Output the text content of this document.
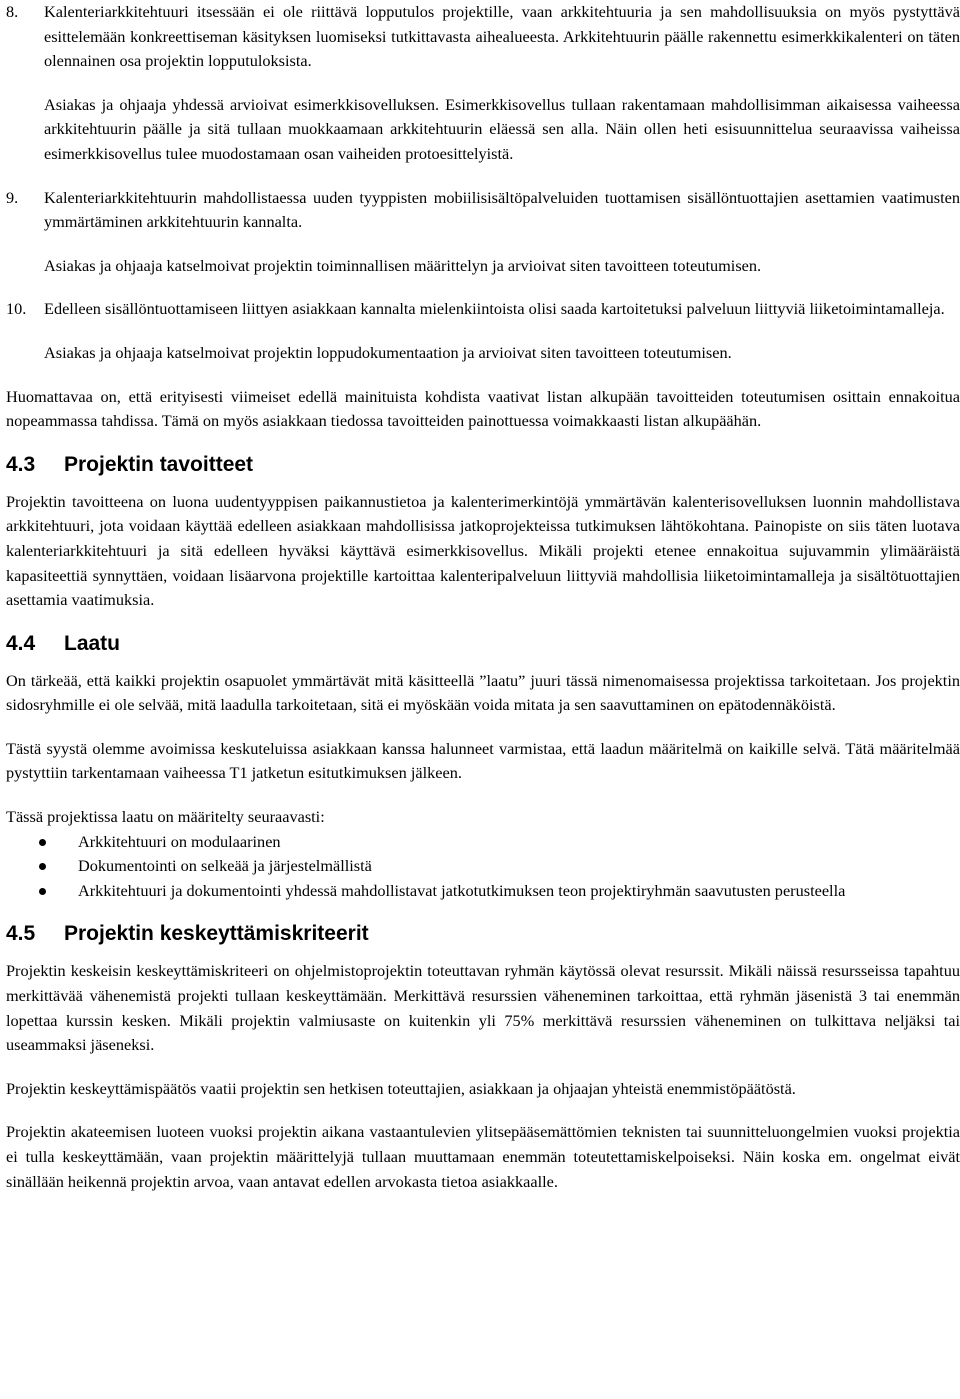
8. Kalenteriarkkitehtuuri itsessään ei ole riittävä lopputulos projektille, vaan arkkitehtuuria ja sen mahdollisuuksia on myös pystyttävä esittelemään konkreettiseman käsityksen luomiseksi tutkittavasta aihealueesta. Arkkitehtuurin päälle rakennettu esimerkkikalenteri on täten olennainen osa projektin lopputuloksista.

Asiakas ja ohjaaja yhdessä arvioivat esimerkkisovelluksen. Esimerkkisovellus tullaan rakentamaan mahdollisimman aikaisessa vaiheessa arkkitehtuurin päälle ja sitä tullaan muokkaamaan arkkitehtuurin eläessä sen alla. Näin ollen heti esisuunnittelua seuraavissa vaiheissa esimerkkisovellus tulee muodostamaan osan vaiheiden protoesittelyistä.

9. Kalenteriarkkitehtuurin mahdollistaessa uuden tyyppisten mobiilisisältöpalveluiden tuottamisen sisällöntuottajien asettamien vaatimusten ymmärtäminen arkkitehtuurin kannalta.

Asiakas ja ohjaaja katselmoivat projektin toiminnallisen määrittelyn ja arvioivat siten tavoitteen toteutumisen.

10. Edelleen sisällöntuottamiseen liittyen asiakkaan kannalta mielenkiintoista olisi saada kartoitetuksi palveluun liittyviä liiketoimintamalleja.

Asiakas ja ohjaaja katselmoivat projektin loppudokumentaation ja arvioivat siten tavoitteen toteutumisen.

Huomattavaa on, että erityisesti viimeiset edellä mainituista kohdista vaativat listan alkupään tavoitteiden toteutumisen osittain ennakoitua nopeammassa tahdissa. Tämä on myös asiakkaan tiedossa tavoitteiden painottuessa voimakkaasti listan alkupäähän.

4.3	Projektin tavoitteet

Projektin tavoitteena on luona uudentyyppisen paikannustietoa ja kalenterimerkintöjä ymmärtävän kalenterisovelluksen luonnin mahdollistava arkkitehtuuri, jota voidaan käyttää edelleen asiakkaan mahdollisissa jatkoprojekteissa tutkimuksen lähtökohtana. Painopiste on siis täten luotava kalenteriarkkitehtuuri ja sitä edelleen hyväksi käyttävä esimerkkisovellus. Mikäli projekti etenee ennakoitua sujuvammin ylimääräistä kapasiteettiä synnyttäen, voidaan lisäarvona projektille kartoittaa kalenteripalveluun liittyviä mahdollisia liiketoimintamalleja ja sisältötuottajien asettamia vaatimuksia.

4.4	Laatu

On tärkeää, että kaikki projektin osapuolet ymmärtävät mitä käsitteellä ”laatu” juuri tässä nimenomaisessa projektissa tarkoitetaan. Jos projektin sidosryhmille ei ole selvää, mitä laadulla tarkoitetaan, sitä ei myöskään voida mitata ja sen saavuttaminen on epätodennäköistä.

Tästä syystä olemme avoimissa keskuteluissa asiakkaan kanssa halunneet varmistaa, että laadun määritelmä on kaikille selvä. Tätä määritelmää pystyttiin tarkentamaan vaiheessa T1 jatketun esitutkimuksen jälkeen.

Tässä projektissa laatu on määritelty seuraavasti:

Arkkitehtuuri on modulaarinen
Dokumentointi on selkeää ja järjestelmällistä
Arkkitehtuuri ja dokumentointi yhdessä mahdollistavat jatkotutkimuksen teon projektiryhmän saavutusten perusteella
4.5	Projektin keskeyttämiskriteerit

Projektin keskeisin keskeyttämiskriteeri on ohjelmistoprojektin toteuttavan ryhmän käytössä olevat resurssit. Mikäli näissä resursseissa tapahtuu merkittävää vähenemistä projekti tullaan keskeyttämään. Merkittävä resurssien väheneminen tarkoittaa, että ryhmän jäsenistä 3 tai enemmän lopettaa kurssin kesken. Mikäli projektin valmiusaste on kuitenkin yli 75% merkittävä resurssien väheneminen on tulkittava neljäksi tai useammaksi jäseneksi.

Projektin keskeyttämispäätös vaatii projektin sen hetkisen toteuttajien, asiakkaan ja ohjaajan yhteistä enemmistöpäätöstä.

Projektin akateemisen luoteen vuoksi projektin aikana vastaantulevien ylitsepääsemättömien teknisten tai suunnitteluongelmien vuoksi projektia ei tulla keskeyttämään, vaan projektin määrittelyjä tullaan muuttamaan enemmän toteutettamiskelpoiseksi. Näin koska em. ongelmat eivät sinällään heikennä projektin arvoa, vaan antavat edellen arvokasta tietoa asiakkaalle.
